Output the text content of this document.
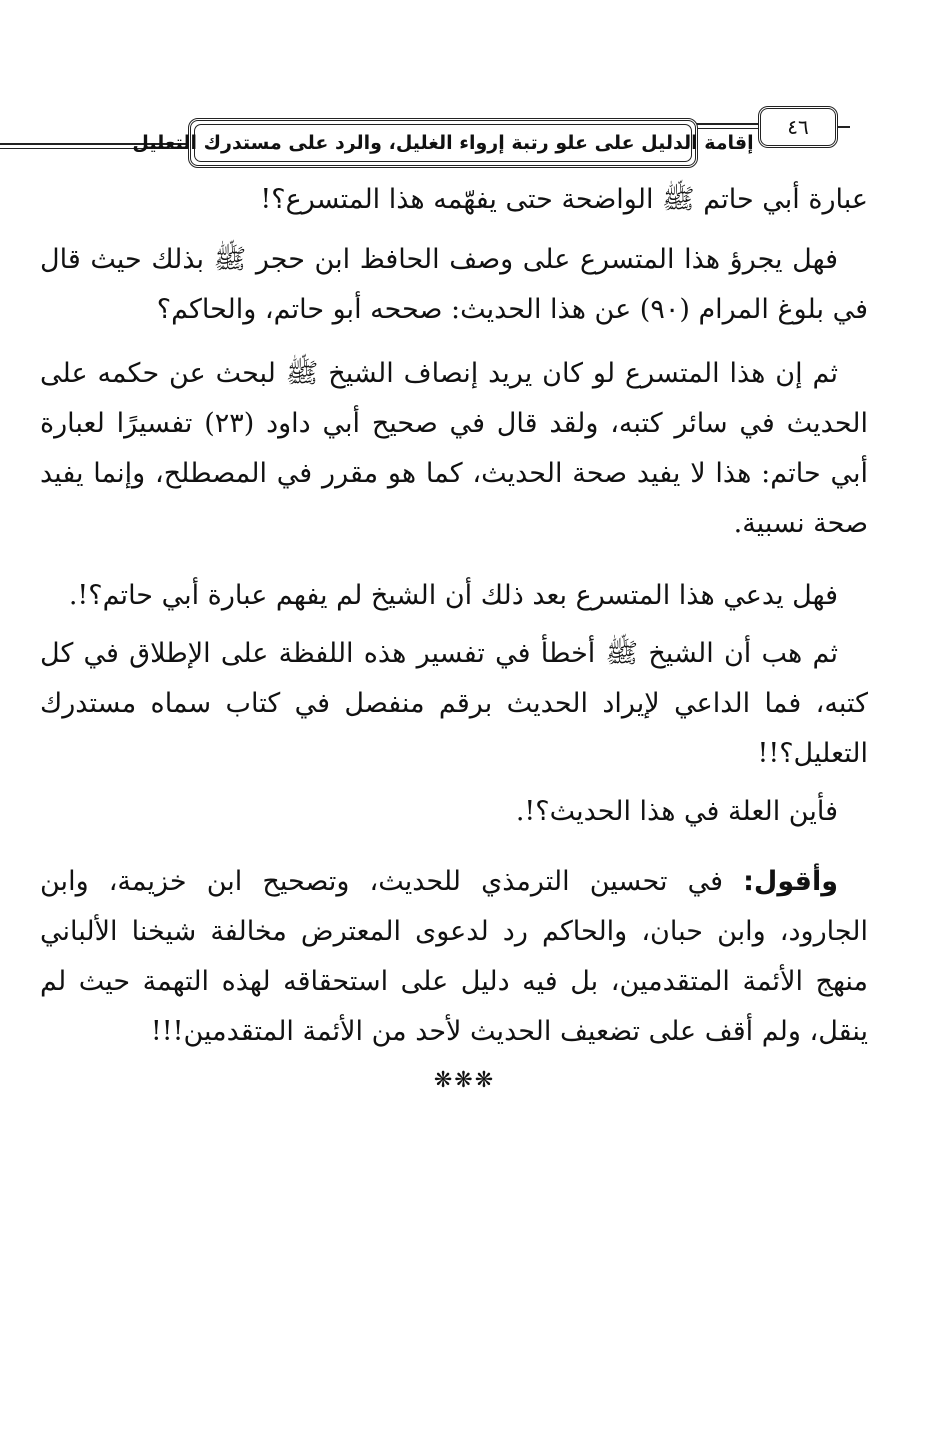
إقامة الدليل على علو رتبة إرواء الغليل، والرد على مستدرك التعليل
٤٦

عبارة أبي حاتم ﷺ الواضحة حتى يفهّمه هذا المتسرع؟!

فهل يجرؤ هذا المتسرع على وصف الحافظ ابن حجر ﷺ بذلك حيث قال في بلوغ المرام (٩٠) عن هذا الحديث: صححه أبو حاتم، والحاكم؟

ثم إن هذا المتسرع لو كان يريد إنصاف الشيخ ﷺ لبحث عن حكمه على الحديث في سائر كتبه، ولقد قال في صحيح أبي داود (٢٣) تفسيرًا لعبارة أبي حاتم: هذا لا يفيد صحة الحديث، كما هو مقرر في المصطلح، وإنما يفيد صحة نسبية.

فهل يدعي هذا المتسرع بعد ذلك أن الشيخ لم يفهم عبارة أبي حاتم؟!.

ثم هب أن الشيخ ﷺ أخطأ في تفسير هذه اللفظة على الإطلاق في كل كتبه، فما الداعي لإيراد الحديث برقم منفصل في كتاب سماه مستدرك التعليل؟!!

فأين العلة في هذا الحديث؟!.

وأقول: في تحسين الترمذي للحديث، وتصحيح ابن خزيمة، وابن الجارود، وابن حبان، والحاكم رد لدعوى المعترض مخالفة شيخنا الألباني منهج الأئمة المتقدمين، بل فيه دليل على استحقاقه لهذه التهمة حيث لم ينقل، ولم أقف على تضعيف الحديث لأحد من الأئمة المتقدمين!!!

❋❋❋
